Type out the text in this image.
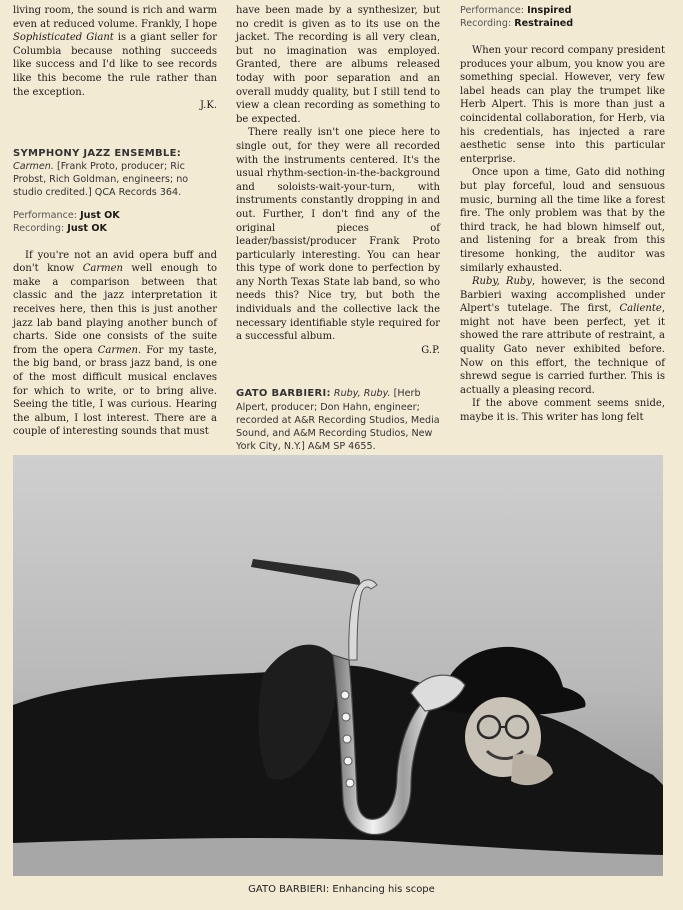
living room, the sound is rich and warm even at reduced volume. Frankly, I hope Sophisticated Giant is a giant seller for Columbia because nothing succeeds like success and I'd like to see records like this become the rule rather than the exception.
J.K.

SYMPHONY JAZZ ENSEMBLE: Carmen. [Frank Proto, producer; Ric Probst, Rich Goldman, engineers; no studio credited.] QCA Records 364.

Performance: Just OK

Recording: Just OK

If you're not an avid opera buff and don't know Carmen well enough to make a comparison between that classic and the jazz interpretation it receives here, then this is just another jazz lab band playing another bunch of charts. Side one consists of the suite from the opera Carmen. For my taste, the big band, or brass jazz band, is one of the most difficult musical enclaves for which to write, or to bring alive. Seeing the title, I was curious. Hearing the album, I lost interest. There are a couple of interesting sounds that must

have been made by a synthesizer, but no credit is given as to its use on the jacket. The recording is all very clean, but no imagination was employed. Granted, there are albums released today with poor separation and an overall muddy quality, but I still tend to view a clean recording as something to be expected.

There really isn't one piece here to single out, for they were all recorded with the instruments centered. It's the usual rhythm-section-in-the-background and soloists-wait-your-turn, with instruments constantly dropping in and out. Further, I don't find any of the original pieces of leader/bassist/producer Frank Proto particularly interesting. You can hear this type of work done to perfection by any North Texas State lab band, so who needs this? Nice try, but both the individuals and the collective lack the necessary identifiable style required for a successful album.
G.P.

GATO BARBIERI: Ruby, Ruby. [Herb Alpert, producer; Don Hahn, engineer; recorded at A&R Recording Studios, Media Sound, and A&M Recording Studios, New York City, N.Y.] A&M SP 4655.

Performance: Inspired

Recording: Restrained

When your record company president produces your album, you know you are something special. However, very few label heads can play the trumpet like Herb Alpert. This is more than just a coincidental collaboration, for Herb, via his credentials, has injected a rare aesthetic sense into this particular enterprise.

Once upon a time, Gato did nothing but play forceful, loud and sensuous music, burning all the time like a forest fire. The only problem was that by the third track, he had blown himself out, and listening for a break from this tiresome honking, the auditor was similarly exhausted.

Ruby, Ruby, however, is the second Barbieri waxing accomplished under Alpert's tutelage. The first, Caliente, might not have been perfect, yet it showed the rare attribute of restraint, a quality Gato never exhibited before. Now on this effort, the technique of shrewd segue is carried further. This is actually a pleasing record.

If the above comment seems snide, maybe it is. This writer has long felt

GATO BARBIERI: Enhancing his scope
